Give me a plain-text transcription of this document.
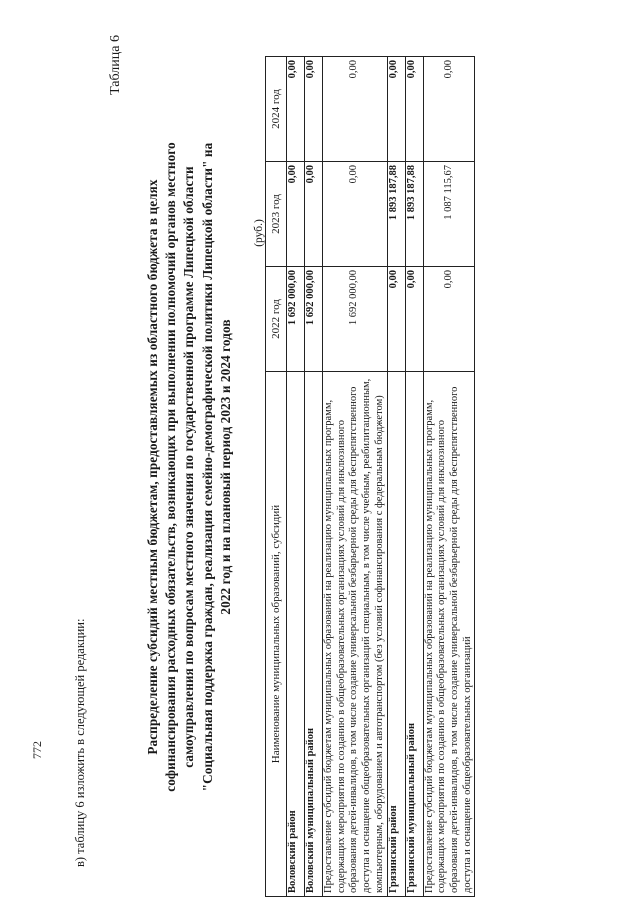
772 в) таблицу 6 изложить в следующей редакции:
Таблица 6
Распределение субсидий местным бюджетам, предоставляемых из областного бюджета в целях софинансирования расходных обязательств, возникающих при выполнении полномочий органов местного самоуправления по вопросам местного значения по государственной программе Липецкой области "Социальная поддержка граждан, реализация семейно-демографической политики Липецкой области" на 2022 год и на плановый период 2023 и 2024 годов
(руб.)
Наименование муниципальных образований, субсидий	2022 год	2023 год	2024 год
Воловский район	1 692 000,00	0,00	0,00
Воловский муниципальный район	1 692 000,00	0,00	0,00
Предоставление субсидий бюджетам муниципальных образований на реализацию муниципальных программ, содержащих мероприятия по созданию в общеобразовательных организациях условий для инклюзивного образования детей-инвалидов, в том числе создание универсальной безбарьерной среды для беспрепятственного доступа и оснащение общеобразовательных организаций специальным, в том числе учебным, реабилитационным, компьютерным, оборудованием и автотранспортом (без условий софинансирования с федеральным бюджетом)	1 692 000,00	0,00	0,00
Грязинский район	0,00	1 893 187,88	0,00
Грязинский муниципальный район	0,00	1 893 187,88	0,00
Предоставление субсидий бюджетам муниципальных образований на реализацию муниципальных программ, содержащих мероприятия по созданию в общеобразовательных организациях условий для инклюзивного образования детей-инвалидов, в том числе создание универсальной безбарьерной среды для беспрепятственного доступа и оснащение общеобразовательных организаций	0,00	1 087 115,67	0,00
